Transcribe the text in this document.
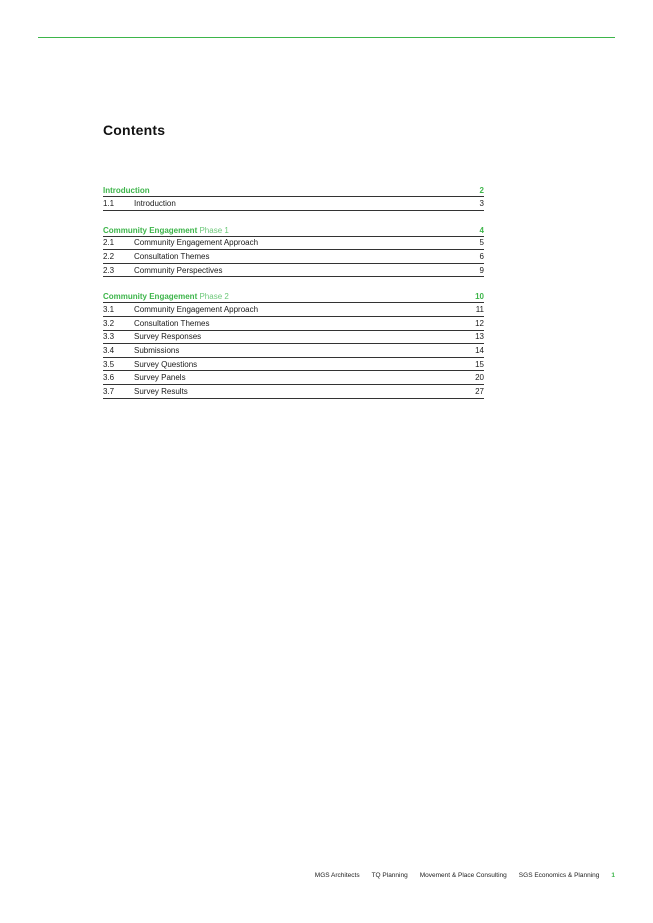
Contents
Introduction	2
1.1	Introduction	3
Community Engagement Phase 1	4
2.1	Community Engagement Approach	5
2.2	Consultation Themes	6
2.3	Community Perspectives	9
Community Engagement Phase 2	10
3.1	Community Engagement Approach	11
3.2	Consultation Themes	12
3.3	Survey Responses	13
3.4	Submissions	14
3.5	Survey Questions	15
3.6	Survey Panels	20
3.7	Survey Results	27
MGS Architects TQ Planning Movement & Place Consulting SGS Economics & Planning 1
